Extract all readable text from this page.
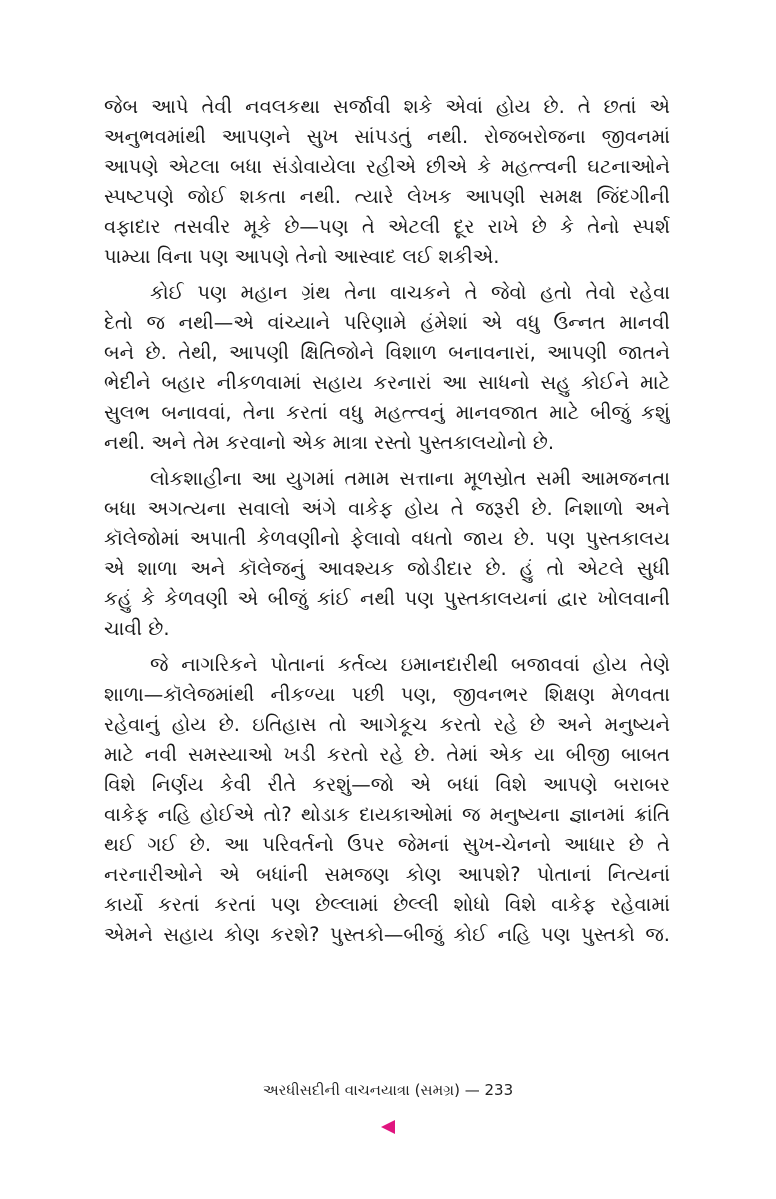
જેબ આપે તેવી નવલકથા સર્જાવી શકે એવાં હોય છે. તે છતાં એ
અનુભવમાંથી આપણને સુખ સાંપડતું નથી. રોજબરોજના જીવનમાં
આપણે એટલા બધા સંડોવાયેલા રહીએ છીએ કે મહત્ત્વની ઘટનાઓને
સ્પષ્ટપણે જોઈ શકતા નથી. ત્યારે લેખક આપણી સમક્ષ જિંદગીની
વફાદાર તસવીર મૂકે છે—પણ તે એટલી દૂર રાખે છે કે તેનો સ્પર્શ
પામ્યા વિના પણ આપણે તેનો આસ્વાદ લઈ શકીએ.
કોઈ પણ મહાન ગ્રંથ તેના વાચકને તે જેવો હતો તેવો રહેવા
દેતો જ નથી—એ વાંચ્યાને પરિણામે હંમેશાં એ વધુ ઉન્નત માનવી
બને છે. તેથી, આપણી ક્ષિતિજોને વિશાળ બનાવનારાં, આપણી જાતને
ભેદીને બહાર નીકળવામાં સહાય કરનારાં આ સાધનો સહુ કોઈને માટે
સુલભ બનાવવાં, તેના કરતાં વધુ મહત્ત્વનું માનવજાત માટે બીજું કશું
નથી. અને તેમ કરવાનો એક માત્રા રસ્તો પુસ્તકાલયોનો છે.
લોકશાહીના આ યુગમાં તમામ સત્તાના મૂળસ્રોત સમી આમજનતા
બધા અગત્યના સવાલો અંગે વાકેફ હોય તે જરૂરી છે. નિશાળો અને
કૉલેજોમાં અપાતી કેળવણીનો ફેલાવો વધતો જાય છે. પણ પુસ્તકાલય
એ શાળા અને કૉલેજનું આવશ્યક જોડીદાર છે. હું તો એટલે સુધી
કહું કે કેળવણી એ બીજું કાંઈ નથી પણ પુસ્તકાલયનાં દ્વાર ખોલવાની
ચાવી છે.
જે નાગરિકને પોતાનાં કર્તવ્ય ઇમાનદારીથી બજાવવાં હોય તેણે
શાળા—કૉલેજમાંથી નીકળ્યા પછી પણ, જીવનભર શિક્ષણ મેળવતા
રહેવાનું હોય છે. ઇતિહાસ તો આગેકૂચ કરતો રહે છે અને મનુષ્યને
માટે નવી સમસ્યાઓ ખડી કરતો રહે છે. તેમાં એક યા બીજી બાબત
વિશે નિર્ણય કેવી રીતે કરશું—જો એ બધાં વિશે આપણે બરાબર
વાકેફ નહિ હોઈએ તો? થોડાક દાયકાઓમાં જ મનુષ્યના જ્ઞાનમાં ક્રાંતિ
થઈ ગઈ છે. આ પરિવર્તનો ઉપર જેમનાં સુખ-ચેનનો આધાર છે તે
નરનારીઓને એ બધાંની સમજણ કોણ આપશે? પોતાનાં નિત્યનાં
કાર્યો કરતાં કરતાં પણ છેલ્લામાં છેલ્લી શોધો વિશે વાકેફ રહેવામાં
એમને સહાય કોણ કરશે? પુસ્તકો—બીજું કોઈ નહિ પણ પુસ્તકો જ.
અરધીસદીની વાચનયાત્રા (સમગ્ર) — 233
